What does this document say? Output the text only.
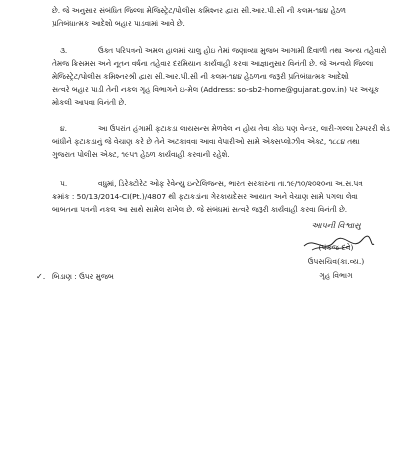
છે. જે અનુસાર સંબંધિત જિલ્લા મેજિસ્ટ્રેટ/પોલીસ કમિશ્નર દ્વારા સી.આર.પી.સી ની કલમ-૧૪૪ હેઠળ
પ્રતિબંધાત્મક આદેશો બહાર પાડવામાં આવે છે.
૩.	ઉક્ત પરિપત્રનો અમલ હાલમાં ચાલુ હોઇ તેમાં જણાવ્યા મુજબ આગામી દિવાળી તથા અન્ય તહેવારો
તેમજ ક્રિસમસ અને નૂતન વર્ષના તહેવાર દરમિયાન કાર્યવાહી કરવા આજ્ઞાનુસાર વિનંતી છે. જે અન્વયે જિલ્લા
મેજિસ્ટ્રેટ/પોલીસ કમિશ્નરશ્રી દ્વારા સી.આર.પી.સી ની કલમ-૧૪૪ હેઠળના જરૂરી પ્રતિબંધાત્મક આદેશો
સત્વરે બહાર પાડી તેની નકલ ગૃહ વિભાગને ઇ-મેલ (Address: so-sb2-home@gujarat.gov.in) પર અચૂક
મોકલી આપવા વિનંતી છે.
૪.	આ ઉપરાંત હંગામી ફટાકડા લાયસન્સ મેળવેલ ન હોય તેવા કોઇ પણ વેન્ડર, લારી-ગલ્લા ટેમ્પરરી શેડ
બાંધીને ફટાકડાનું જે વેચાણ કરે છે તેને અટકાવવા આવા વેપારીઓ સામે એક્સપ્લોઝીવ એક્ટ, ૧૮૮૪ તથા
ગુજરાત પોલીસ એક્ટ, ૧૯૫૧ હેઠળ કાર્યવાહી કરવાની રહેશે.
૫.	વધુમાં, ડિરેક્ટોરેટ ઓફ રેવેન્યુ ઇન્ટેલિજન્સ, ભારત સરકારના તા.૧૯/૧૦/૨૦૨૦ના અ.સ.પત્ર
ક્રમાંક : 50/13/2014-CI(Pt.)/4807 થી ફટાકડાંના ગેરકાયદેસર આયાત અને વેચાણ સામે પગલા લેવા
બાબતના પત્રની નકલ આ સાથે સામેલ રાખેલ છે. જે સંબંધમાં સત્વરે જરૂરી કાર્યવાહી કરવા વિનંતી છે.
આપની વિશ્વાસુ
(પંકજ દવે)
ઉપસચિવ(કા.વ્ય.)
ગૃહ વિભાગ
✓. બિડાણ : ઉપર મુજબ
